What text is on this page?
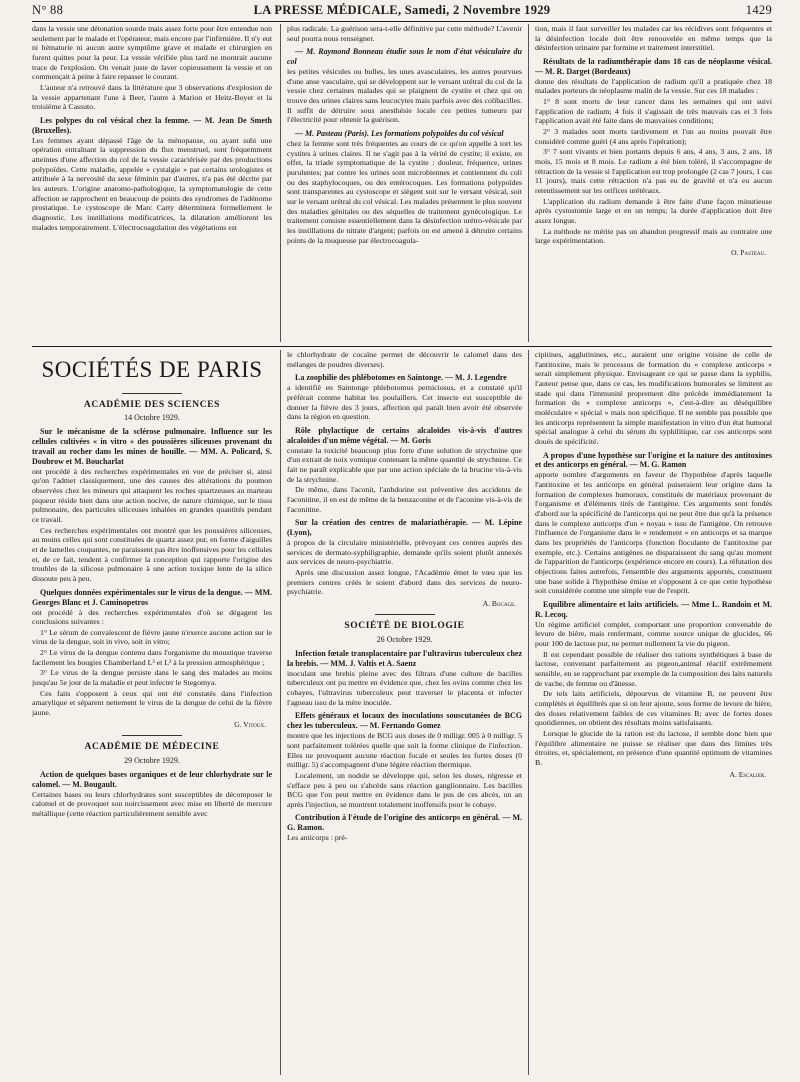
N° 88	LA PRESSE MÉDICALE, Samedi, 2 Novembre 1929	1429

dans la vessie une détonation sourde mais assez forte pour être entendue non seulement par le malade et l'opérateur, mais encore par l'infirmière. Il n'y eut ni hématurie ni aucun autre symptôme grave et malade et chirurgien en furent quittes pour la peur. La vessie vérifiée plus tard ne montrait aucune trace de l'explosion. On venait juste de laver copieusement la vessie et on commençait à peine à faire repasser le courant.

L'auteur n'a retrouvé dans la littérature que 3 observations d'explosion de la vessie appartenant l'une à Beer, l'autre à Marion et Heitz-Boyer et la troisième à Cassuto.

Les polypes du col vésical chez la femme. — M. Jean De Smeth (Bruxelles).

Les femmes ayant dépassé l'âge de la ménopause, ou ayant subi une opération entraînant la suppression du flux menstruel, sont fréquemment atteintes d'une affection du col de la vessie caractérisée par des productions polypoïdes. Cette maladie, appelée « cystalgie » par certains urologistes et attribuée à la nervosité du sexe féminin par d'autres, n'a pas été décrite par les auteurs. L'origine anatomo-pathologique, la symptomatologie de cette affection se rapprochent en beaucoup de points des syndromes de l'adénome prostatique. Le cystoscope de Marc Carty déterminera formellement le diagnostic. Les instillations modificatrices, la dilatation améliorent les malades temporairement. L'électrocoagulation des végétations est

plus radicale. La guérison sera-t-elle définitive par cette méthode? L'avenir seul pourra nous renseigner.

— M. Raymond Bonneau étudie sous le nom d'état vésiculaire du col

les petites vésicules ou bulles, les unes avasculaires, les autres pourvues d'une anse vasculaire, qui se développent sur le versant urétral du col de la vessie chez certaines malades qui se plaignent de cystite et chez qui on trouve des urines claires sans leucocytes mais parfois avec des colibacilles. Il suffit de détruire sous anesthésie locale ces petites tumeurs par l'électricité pour obtenir la guérison.

— M. Pasteau (Paris). Les formations polypoïdes du col vésical

chez la femme sont très fréquentes au cours de ce qu'on appelle à tort les cystites à urines claires. Il ne s'agit pas à la vérité de cystite; il existe, en effet, la triade symptomatique de la cystite : douleur, fréquence, urines purulentes; par contre les urines sont microbiennes et contiennent du coli ou des staphylocoques, ou des entérocoques. Les formations polypoïdes sont transparentes au cystoscope et siègent soit sur le versant vésical, soit sur le versant urétral du col vésical. Les malades présentent le plus souvent des maladies génitales ou des séquelles de traitement gynécologique. Le traitement consiste essentiellement dans la désinfection urétro-vésicale par les instillations de nitrate d'argent; parfois on est amené à détruire certains points de la muqueuse par électrocoagula-

tion, mais il faut surveiller les malades car les récidives sont fréquentes et la désinfection locale doit être renouvelée en même temps que la désinfection urinaire par formine et traitement interstitiel.

Résultats de la radiumthérapie dans 18 cas de néoplasme vésical. — M. R. Darget (Bordeaux)

donne des résultats de l'application de radium qu'il a pratiquée chez 18 malades porteurs de néoplasme malin de la vessie. Sur ces 18 malades :

1° 8 sont morts de leur cancer dans les semaines qui ont suivi l'application de radium; 4 fois il s'agissait de très mauvais cas et 3 fois l'application avait été faite dans de mauvaises conditions;

2° 3 malades sont morts tardivement et l'un au moins pouvait être considéré comme guéri (4 ans après l'opération);

3° 7 sont vivants et bien portants depuis 6 ans, 4 ans, 3 ans, 2 ans, 18 mois, 15 mois et 8 mois. Le radium a été bien toléré, il s'accompagne de rétraction de la vessie si l'application est trop prolongée (2 cas 7 jours, 1 cas 11 jours), mais cette rétraction n'a pas eu de gravité et n'a eu aucun retentissement sur les orifices urétéraux.

L'application du radium demande à être faite d'une façon minutieuse après cystostomie large et en un temps; la durée d'application doit être assez longue.

La méthode ne mérite pas un abandon progressif mais au contraire une large expérimentation.

O. Pasteau.
SOCIÉTÉS DE PARIS
ACADÉMIE DES SCIENCES
14 Octobre 1929.
Sur le mécanisme de la sclérose pulmonaire. Influence sur les cellules cultivées « in vitro » des poussières siliceuses provenant du travail au rocher dans les mines de houille. — MM. A. Policard, S. Doubrow et M. Boucharlat

ont procédé à des recherches expérimentales en vue de préciser si, ainsi qu'on l'admet classiquement, une des causes des altérations du poumon observées chez les mineurs qui attaquent les roches quartzeuses au marteau piqueur réside bien dans une action nocive, de nature chimique, sur le tissu pulmonaire, des particules siliceuses inhalées en grandes quantités pendant ce travail.

Ces recherches expérimentales ont montré que les poussières siliceuses, au moins celles qui sont constituées de quartz assez pur, en forme d'aiguilles et de lamelles coupantes, ne paraissent pas être inoffensives pour les cellules et, de ce fait, tendent à confirmer la conception qui rapporte l'origine des troubles de la silicose pulmonaire à une action toxique lente de la silice dissoute peu à peu.

Quelques données expérimentales sur le virus de la dengue. — MM. Georges Blanc et J. Caminopetros

ont procédé à des recherches expérimentales d'où se dégagent les conclusions suivantes :

1° Le sérum de convalescent de fièvre jaune n'exerce aucune action sur le virus de la dengue, soit in vivo, soit in vitro;

2° Le virus de la dengue contenu dans l'organisme du moustique traverse facilement les bougies Chamberland L³ et L² à la pression atmosphérique ;

3° Le virus de la dengue persiste dans le sang des malades au moins jusqu'au 5e jour de la maladie et peut infecter le Stegomya.

Ces faits s'opposent à ceux qui ont été constatés dans l'infection amarylique et séparent nettement le virus de la dengue de celui de la fièvre jaune.

G. Vitoux.
ACADÉMIE DE MÉDECINE
29 Octobre 1929.
Action de quelques bases organiques et de leur chlorhydrate sur le calomel. — M. Bougault.

Certaines bases ou leurs chlorhydrates sont susceptibles de décomposer le calomel et de provoquer son noircissement avec mise en liberté de mercure métallique (cette réaction particulièrement sensible avec

le chlorhydrate de cocaïne permet de découvrir le calomel dans des mélanges de poudres diverses).

La zoophilie des phlébotomes en Saintonge. — M. J. Legendre

a identifié en Saintonge phlebotomus perniciosus, et a constaté qu'il préférait comme habitat les poulaillers. Cet insecte est susceptible de donner la fièvre des 3 jours, affection qui paraît bien avoir été observée dans la région en question.

Rôle phylactique de certains alcaloïdes vis-à-vis d'autres alcaloïdes d'un même végétal. — M. Goris

constate la toxicité beaucoup plus forte d'une solution de strychnine que d'un extrait de noix vomique contenant la même quantité de strychnine. Ce fait ne paraît explicable que par une action spéciale de la brucine vis-à-vis de la strychnine.

De même, dans l'aconit, l'anhdorine est préventive des accidents de l'aconitine, il en est de même de la benzaconine et de l'aconine vis-à-vis de l'aconitine.

Sur la création des centres de malariathérapie. — M. Lépine (Lyon),

à propos de la circulaire ministérielle, prévoyant ces centres auprès des services de dermato-syphiligraphie, demande qu'ils soient plutôt annexés aux services de neuro-psychiatrie.

Après une discussion assez longue, l'Académie émet le vœu que les premiers centres créés le soient d'abord dans des services de neuro-psychiatrie.

A. Bocage.
SOCIÉTÉ DE BIOLOGIE
26 Octobre 1929.
Infection fœtale transplacentaire par l'ultravirus tuberculeux chez la brebis. — MM. J. Valtis et A. Saenz

inoculant une brebis pleine avec des filtrats d'une culture de bacilles tuberculeux ont pu mettre en évidence que, chez les ovins comme chez les cobayes, l'ultravirus tuberculeux peut traverser le placenta et infecter l'agneau issu de la mère inoculée.

Effets généraux et locaux des inoculations souscutanées de BCG chez les tuberculeux. — M. Fernando Gomez

montre que les injections de BCG aux doses de 0 milligr. 005 à 0 milligr. 5 sont parfaitement tolérées quelle que soit la forme clinique de l'infection. Elles ne provoquent aucune réaction focale et seules les fortes doses (0 milligr. 5) s'accompagnent d'une légère réaction thermique.

Localement, un nodule se développe qui, selon les doses, régresse et s'efface peu à peu ou s'abcède sans réaction ganglionnaire. Les bacilles BCG que l'on peut mettre en évidence dans le pus de ces abcès, un an après l'injection, se montrent totalement inoffensifs pour le cobaye.

Contribution à l'étude de l'origine des anticorps en général. — M. G. Ramon.

Les anticorps : pré-

cipitines, agglutinines, etc., auraient une origine voisine de celle de l'antitoxine, mais le processus de formation du « complexe anticorps » serait simplement physique. Envisageant ce qui se passe dans la syphilis, l'auteur pense que, dans ce cas, les modifications humorales se limitent au stade qui dans l'immunité proprement dite précède immédiatement la formation du « complexe anticorps », c'est-à-dire au déséquilibre moléculaire « spécial » mais non spécifique. Il ne semble pas possible que les anticorps représentent la simple manifestation in vitro d'un état humoral spécial analogue à celui du sérum du syphilitique, car ces anticorps sont doués de spécificité.

A propos d'une hypothèse sur l'origine et la nature des antitoxines et des anticorps en général. — M. G. Ramon

apporte nombre d'arguments en faveur de l'hypothèse d'après laquelle l'antitoxine et les anticorps en général puiseraient leur origine dans la formation de complexes humoraux, constitués de matériaux provenant de l'organisme et d'éléments tirés de l'antigène. Ces arguments sont fondés d'abord sur la spécificité de l'anticorps qui ne peut être due qu'à la présence dans le complexe anticorps d'un « noyau » issu de l'antigène. On retrouve l'influence de l'organisme dans le « rendement » en anticorps et sa marque dans les propriétés de l'anticorps (fonction floculante de l'antitoxine par exemple, etc.). Certains antigènes ne disparaissent du sang qu'au moment de l'apparition de l'anticorps (expérience encore en cours). La réfutation des objections faites autrefois, l'ensemble des arguments apportés, constituent une base solide à l'hypothèse émise et s'opposent à ce que cette hypothèse soit considérée comme une simple vue de l'esprit.

Equilibre alimentaire et laits artificiels. — Mme L. Randoin et M. R. Lecoq.

Un régime artificiel complet, comportant une proportion convenable de levure de bière, mais renfermant, comme source unique de glucides, 66 pour 100 de lactose pur, ne permet nullement la vie du pigeon.

Il est cependant possible de réaliser des rations synthétiques à base de lactose, convenant parfaitement au pigeon,animal réactif extrêmement sensible, en se rapprochant par exemple de la composition des laits naturels de vache, de femme ou d'ânesse.

De tels laits artificiels, dépourvus de vitamine B, ne peuvent être complétés et équilibrés que si on leur ajoute, sous forme de levure de bière, des doses relativement faibles de ces vitamines B; avec de fortes doses quotidiennes, on obtient des résultats moins satisfaisants.

Lorsque le glucide de la ration est du lactose, il semble donc bien que l'équilibre alimentaire ne puisse se réaliser que dans des limites très étroites, et, spécialement, en présence d'une quantité optimum de vitamines B.

A. Escalier.
